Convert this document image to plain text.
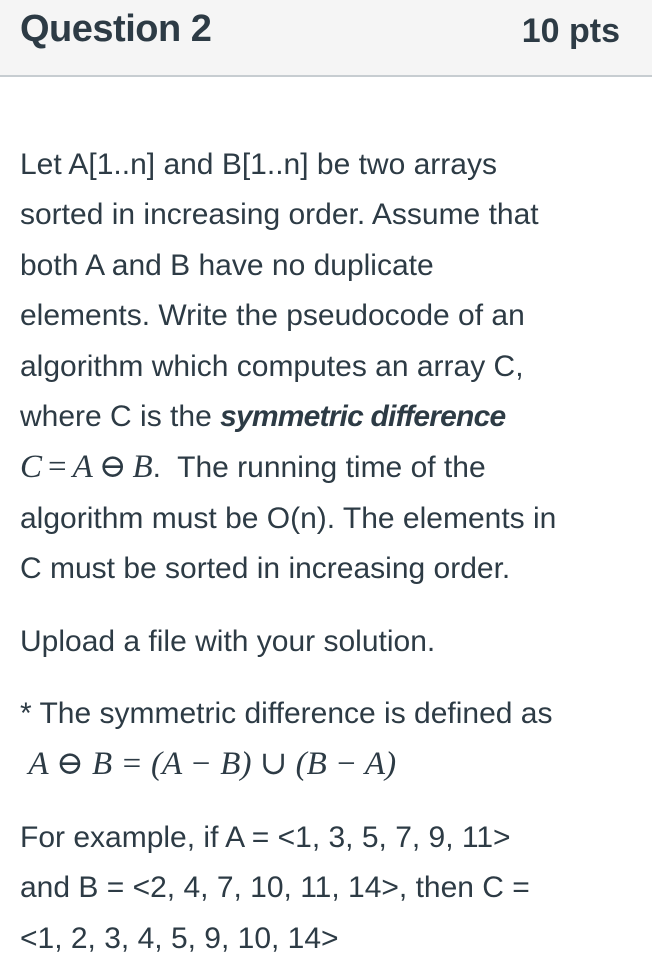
Question 2	10 pts
Let A[1..n] and B[1..n] be two arrays
sorted in increasing order. Assume that
both A and B have no duplicate
elements. Write the pseudocode of an
algorithm which computes an array C,
where C is the symmetric difference
C = A ⊖ B. The running time of the
algorithm must be O(n). The elements in
C must be sorted in increasing order.
Upload a file with your solution.
* The symmetric difference is defined as
A ⊖ B = (A − B) ∪ (B − A)
For example, if A = <1, 3, 5, 7, 9, 11>
and B = <2, 4, 7, 10, 11, 14>, then C =
<1, 2, 3, 4, 5, 9, 10, 14>
